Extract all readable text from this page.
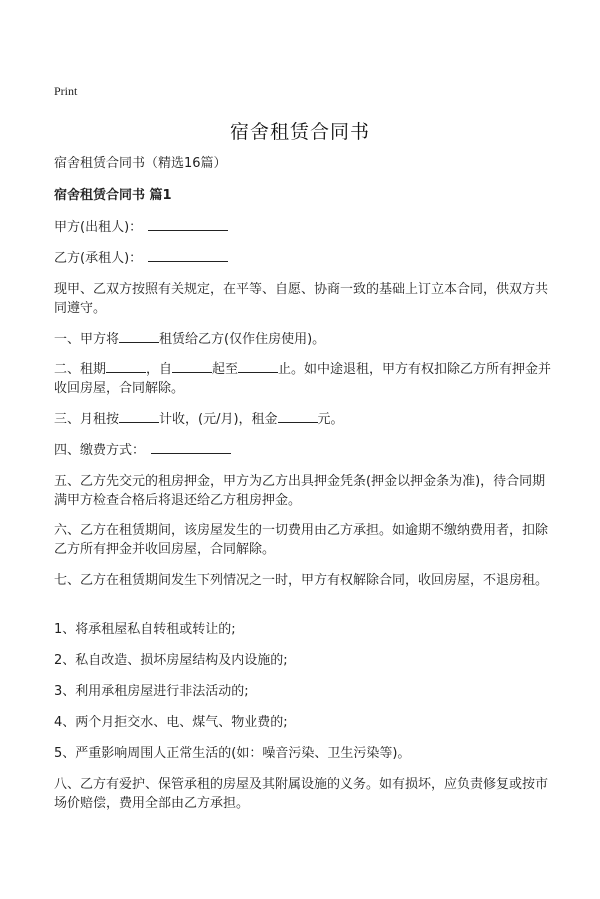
Print
宿舍租赁合同书
宿舍租赁合同书（精选16篇）
宿舍租赁合同书 篇1
甲方(出租人)：
乙方(承租人)：
现甲、乙双方按照有关规定，在平等、自愿、协商一致的基础上订立本合同，供双方共同遵守。
一、甲方将	租赁给乙方(仅作住房使用)。
二、租期	，自	起至	止。如中途退租，甲方有权扣除乙方所有押金并收回房屋，合同解除。
三、月租按	计收，(元/月)，租金	元。
四、缴费方式：
五、乙方先交元的租房押金，甲方为乙方出具押金凭条(押金以押金条为准)，待合同期满甲方检查合格后将退还给乙方租房押金。
六、乙方在租赁期间，该房屋发生的一切费用由乙方承担。如逾期不缴纳费用者，扣除乙方所有押金并收回房屋，合同解除。
七、乙方在租赁期间发生下列情况之一时，甲方有权解除合同，收回房屋，不退房租。
1、将承租屋私自转租或转让的;
2、私自改造、损坏房屋结构及内设施的;
3、利用承租房屋进行非法活动的;
4、两个月拒交水、电、煤气、物业费的;
5、严重影响周围人正常生活的(如：噪音污染、卫生污染等)。
八、乙方有爱护、保管承租的房屋及其附属设施的义务。如有损坏，应负责修复或按市场价赔偿，费用全部由乙方承担。
